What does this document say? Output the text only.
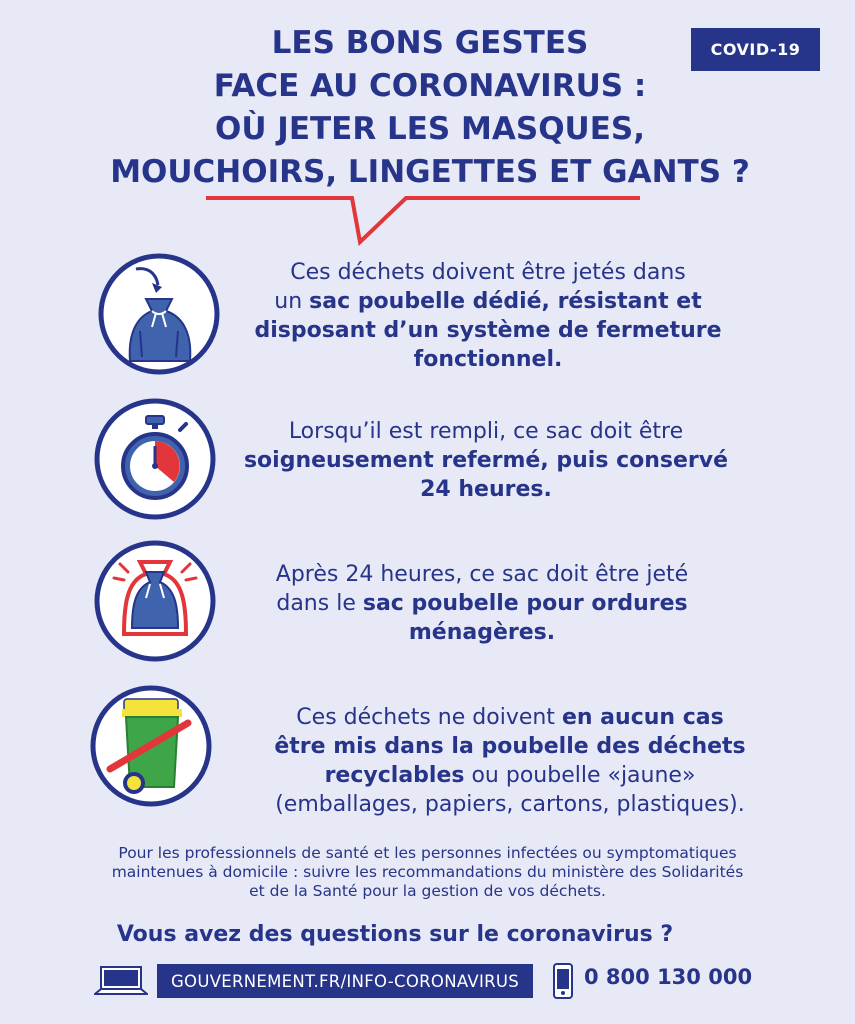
COVID-19
LES BONS GESTES
FACE AU CORONAVIRUS :
OÙ JETER LES MASQUES,
MOUCHOIRS, LINGETTES ET GANTS ?
Ces déchets doivent être jetés dans
un sac poubelle dédié, résistant et
disposant d’un système de fermeture
fonctionnel.
Lorsqu’il est rempli, ce sac doit être
soigneusement refermé, puis conservé
24 heures.
Après 24 heures, ce sac doit être jeté
dans le sac poubelle pour ordures
ménagères.
Ces déchets ne doivent en aucun cas
être mis dans la poubelle des déchets
recyclables ou poubelle «jaune»
(emballages, papiers, cartons, plastiques).
Pour les professionnels de santé et les personnes infectées ou symptomatiques
maintenues à domicile : suivre les recommandations du ministère des Solidarités
et de la Santé pour la gestion de vos déchets.
Vous avez des questions sur le coronavirus ?
GOUVERNEMENT.FR/INFO-CORONAVIRUS	0 800 130 000
